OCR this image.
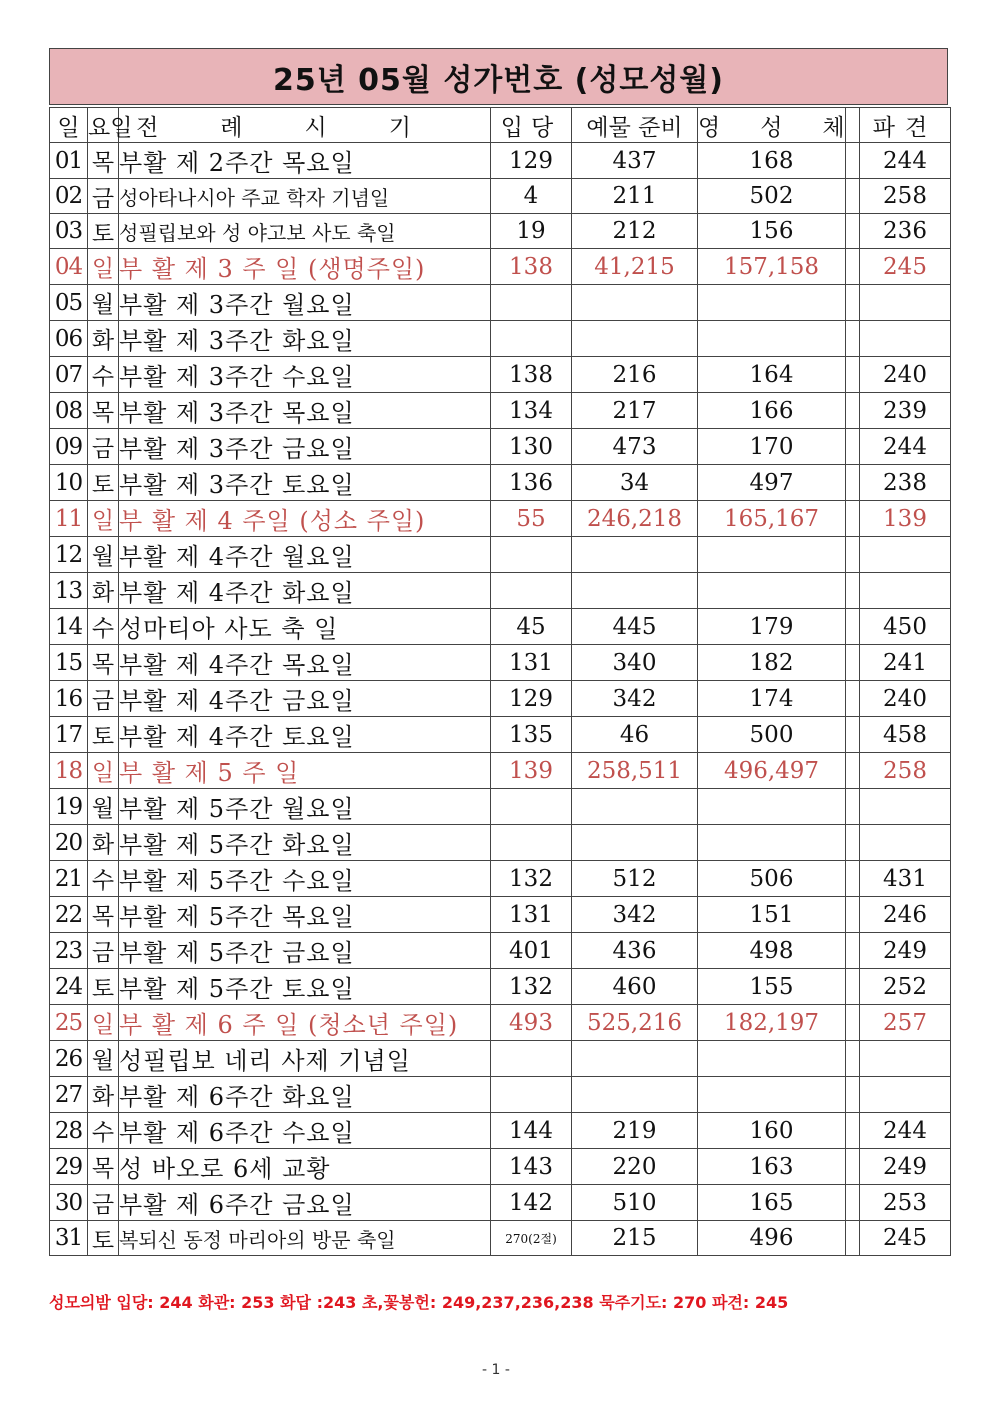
25년 05월 성가번호 (성모성월)
일	요일	전례시기	입당	예물 준비	영성체		파견
01	목	부활 제 2주간 목요일	129	437	168		244
02	금	성아타나시아 주교 학자 기념일	4	211	502		258
03	토	성필립보와 성 야고보 사도 축일	19	212	156		236
04	일	부 활 제 3 주 일 (생명주일)	138	41,215	157,158		245
05	월	부활 제 3주간 월요일					
06	화	부활 제 3주간 화요일					
07	수	부활 제 3주간 수요일	138	216	164		240
08	목	부활 제 3주간 목요일	134	217	166		239
09	금	부활 제 3주간 금요일	130	473	170		244
10	토	부활 제 3주간 토요일	136	34	497		238
11	일	부 활 제 4 주일 (성소 주일)	55	246,218	165,167		139
12	월	부활 제 4주간 월요일					
13	화	부활 제 4주간 화요일					
14	수	성마티아 사도 축 일	45	445	179		450
15	목	부활 제 4주간 목요일	131	340	182		241
16	금	부활 제 4주간 금요일	129	342	174		240
17	토	부활 제 4주간 토요일	135	46	500		458
18	일	부 활 제 5 주 일	139	258,511	496,497		258
19	월	부활 제 5주간 월요일					
20	화	부활 제 5주간 화요일					
21	수	부활 제 5주간 수요일	132	512	506		431
22	목	부활 제 5주간 목요일	131	342	151		246
23	금	부활 제 5주간 금요일	401	436	498		249
24	토	부활 제 5주간 토요일	132	460	155		252
25	일	부 활 제 6 주 일 (청소년 주일)	493	525,216	182,197		257
26	월	성필립보 네리 사제 기념일					
27	화	부활 제 6주간 화요일					
28	수	부활 제 6주간 수요일	144	219	160		244
29	목	성 바오로 6세 교황	143	220	163		249
30	금	부활 제 6주간 금요일	142	510	165		253
31	토	복되신 동정 마리아의 방문 축일	270(2절)	215	496		245
성모의밤 입당: 244 화관: 253 화답 :243 초,꽃봉헌: 249,237,236,238 묵주기도: 270 파견: 245
- 1 -
